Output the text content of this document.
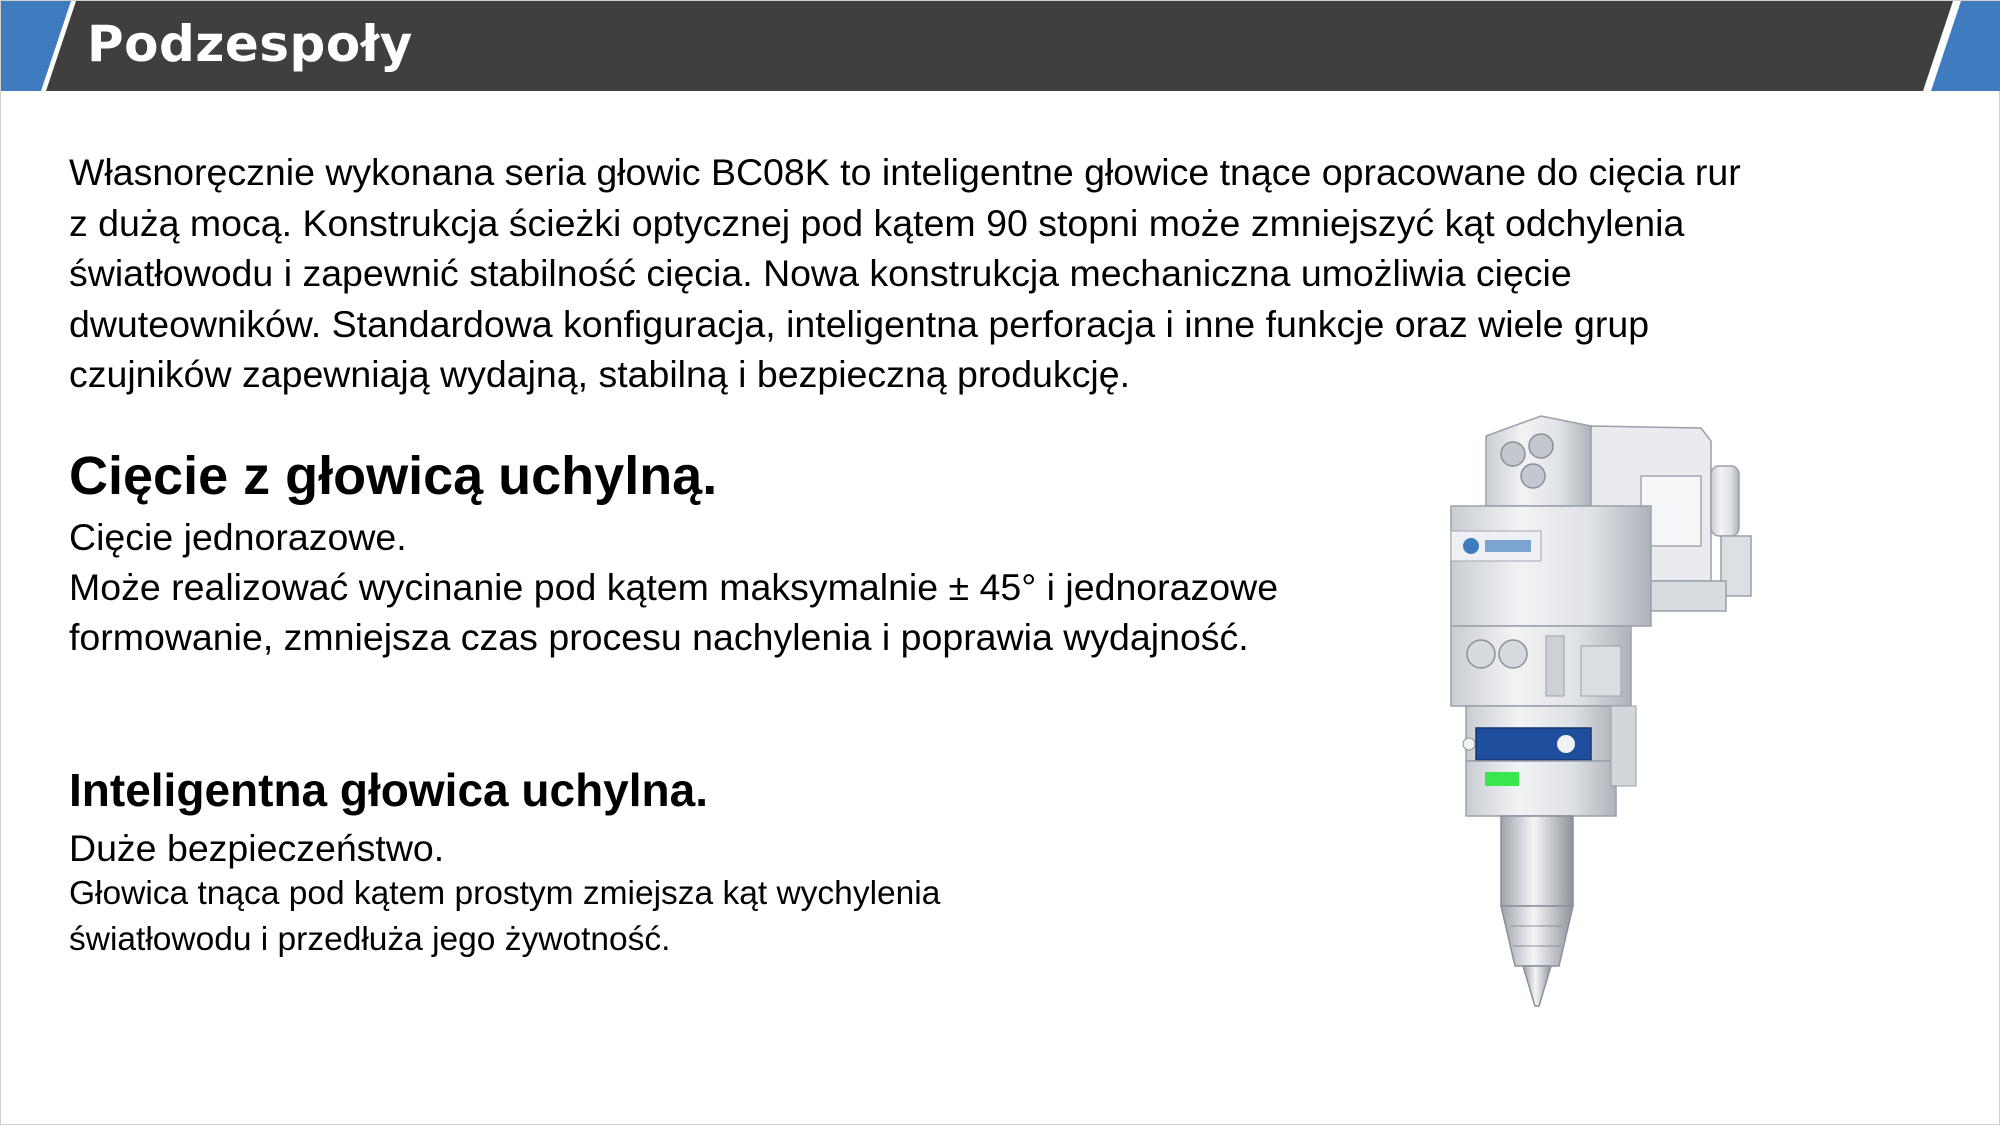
Podzespoły
Własnoręcznie wykonana seria głowic BC08K to inteligentne głowice tnące opracowane do cięcia rur
z dużą mocą. Konstrukcja ścieżki optycznej pod kątem 90 stopni może zmniejszyć kąt odchylenia
światłowodu i zapewnić stabilność cięcia. Nowa konstrukcja mechaniczna umożliwia cięcie
dwuteowników. Standardowa konfiguracja, inteligentna perforacja i inne funkcje oraz wiele grup
czujników zapewniają wydajną, stabilną i bezpieczną produkcję.
Cięcie z głowicą uchylną.
Cięcie jednorazowe.
Może realizować wycinanie pod kątem maksymalnie ± 45° i jednorazowe
formowanie, zmniejsza czas procesu nachylenia i poprawia wydajność.
Inteligentna głowica uchylna.
Duże bezpieczeństwo.
Głowica tnąca pod kątem prostym zmiejsza kąt wychylenia
światłowodu i przedłuża jego żywotność.
